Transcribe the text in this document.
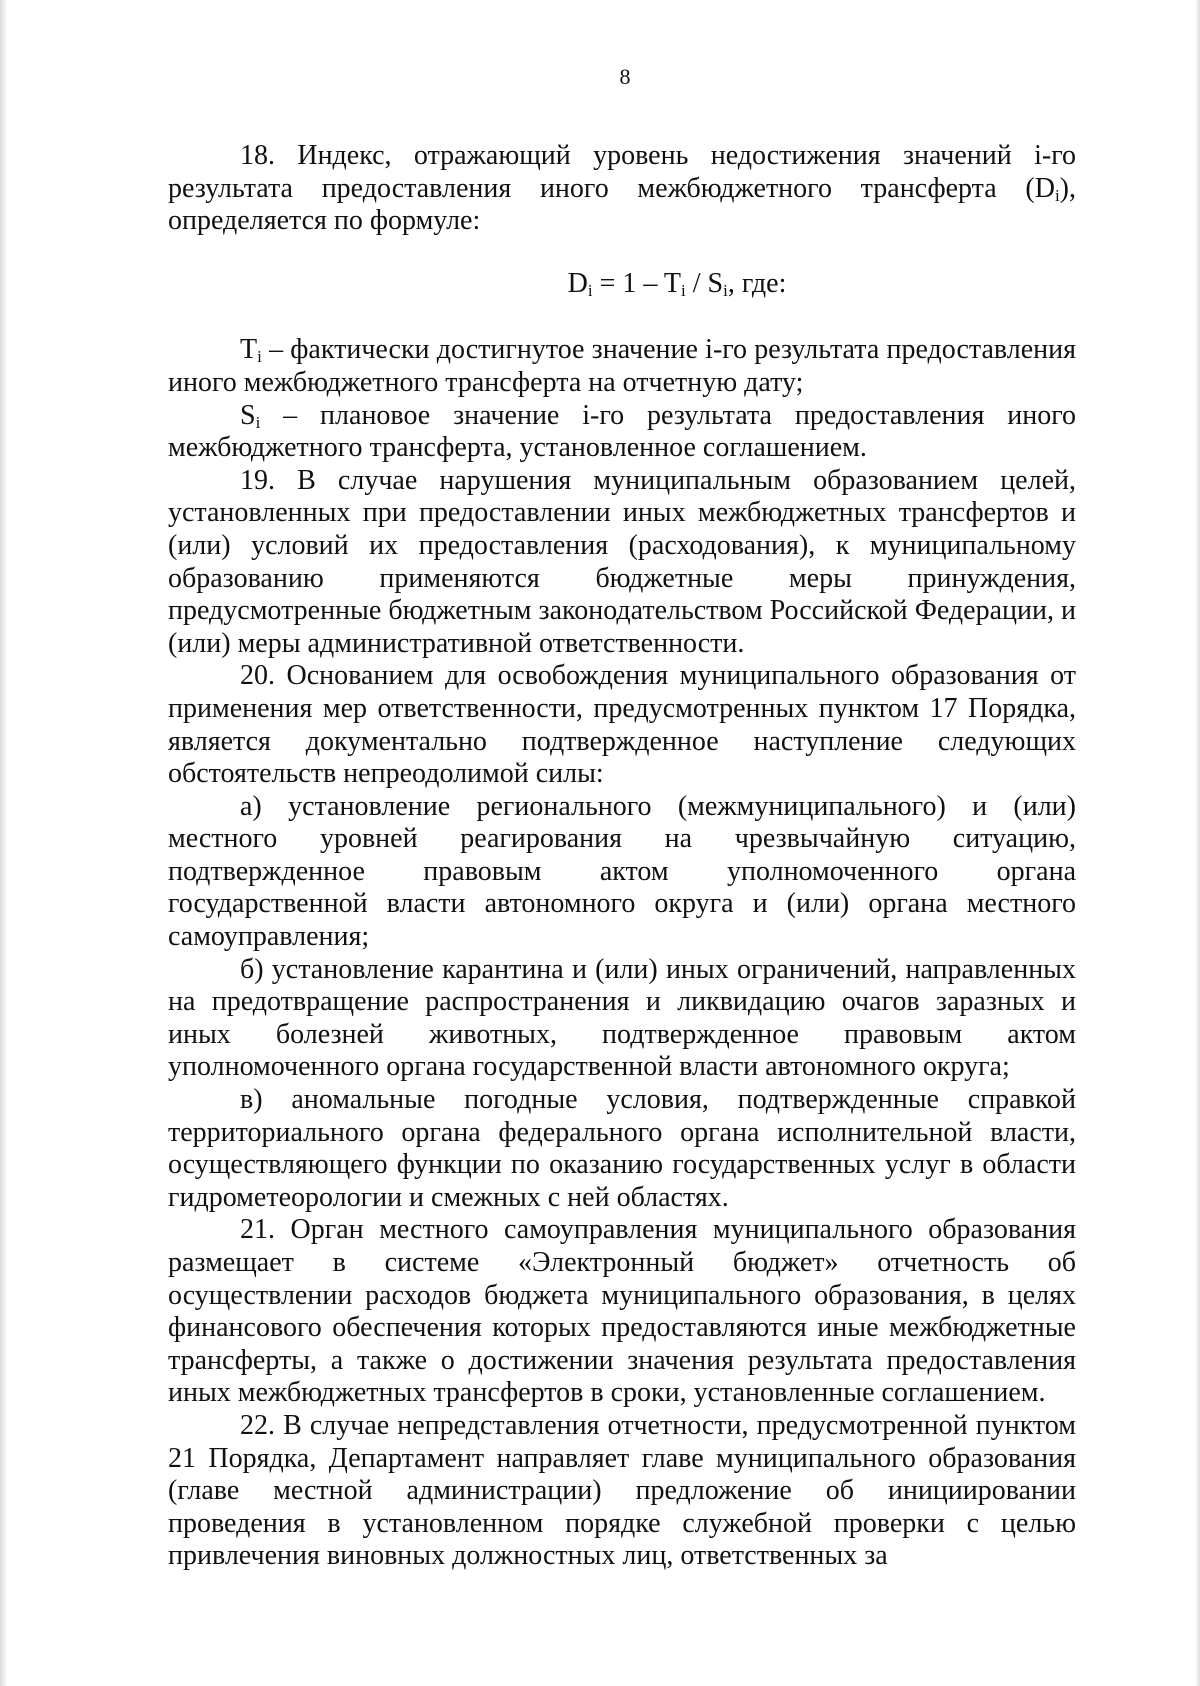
8

18. Индекс, отражающий уровень недостижения значений i-го результата предоставления иного межбюджетного трансферта $(D_i)$, определяется по формуле:

$D_i = 1 - T_i / S_i$, где:

$T_i$ – фактически достигнутое значение i-го результата предоставления иного межбюджетного трансферта на отчетную дату;

$S_i$ – плановое значение i-го результата предоставления иного межбюджетного трансферта, установленное соглашением.

19. В случае нарушения муниципальным образованием целей, установленных при предоставлении иных межбюджетных трансфертов и (или) условий их предоставления (расходования), к муниципальному образованию применяются бюджетные меры принуждения, предусмотренные бюджетным законодательством Российской Федерации, и (или) меры административной ответственности.

20. Основанием для освобождения муниципального образования от применения мер ответственности, предусмотренных пунктом 17 Порядка, является документально подтвержденное наступление следующих обстоятельств непреодолимой силы:

а) установление регионального (межмуниципального) и (или) местного уровней реагирования на чрезвычайную ситуацию, подтвержденное правовым актом уполномоченного органа государственной власти автономного округа и (или) органа местного самоуправления;

б) установление карантина и (или) иных ограничений, направленных на предотвращение распространения и ликвидацию очагов заразных и иных болезней животных, подтвержденное правовым актом уполномоченного органа государственной власти автономного округа;

в) аномальные погодные условия, подтвержденные справкой территориального органа федерального органа исполнительной власти, осуществляющего функции по оказанию государственных услуг в области гидрометеорологии и смежных с ней областях.

21. Орган местного самоуправления муниципального образования размещает в системе «Электронный бюджет» отчетность об осуществлении расходов бюджета муниципального образования, в целях финансового обеспечения которых предоставляются иные межбюджетные трансферты, а также о достижении значения результата предоставления иных межбюджетных трансфертов в сроки, установленные соглашением.

22. В случае непредставления отчетности, предусмотренной пунктом 21 Порядка, Департамент направляет главе муниципального образования (главе местной администрации) предложение об инициировании проведения в установленном порядке служебной проверки с целью привлечения виновных должностных лиц, ответственных за
